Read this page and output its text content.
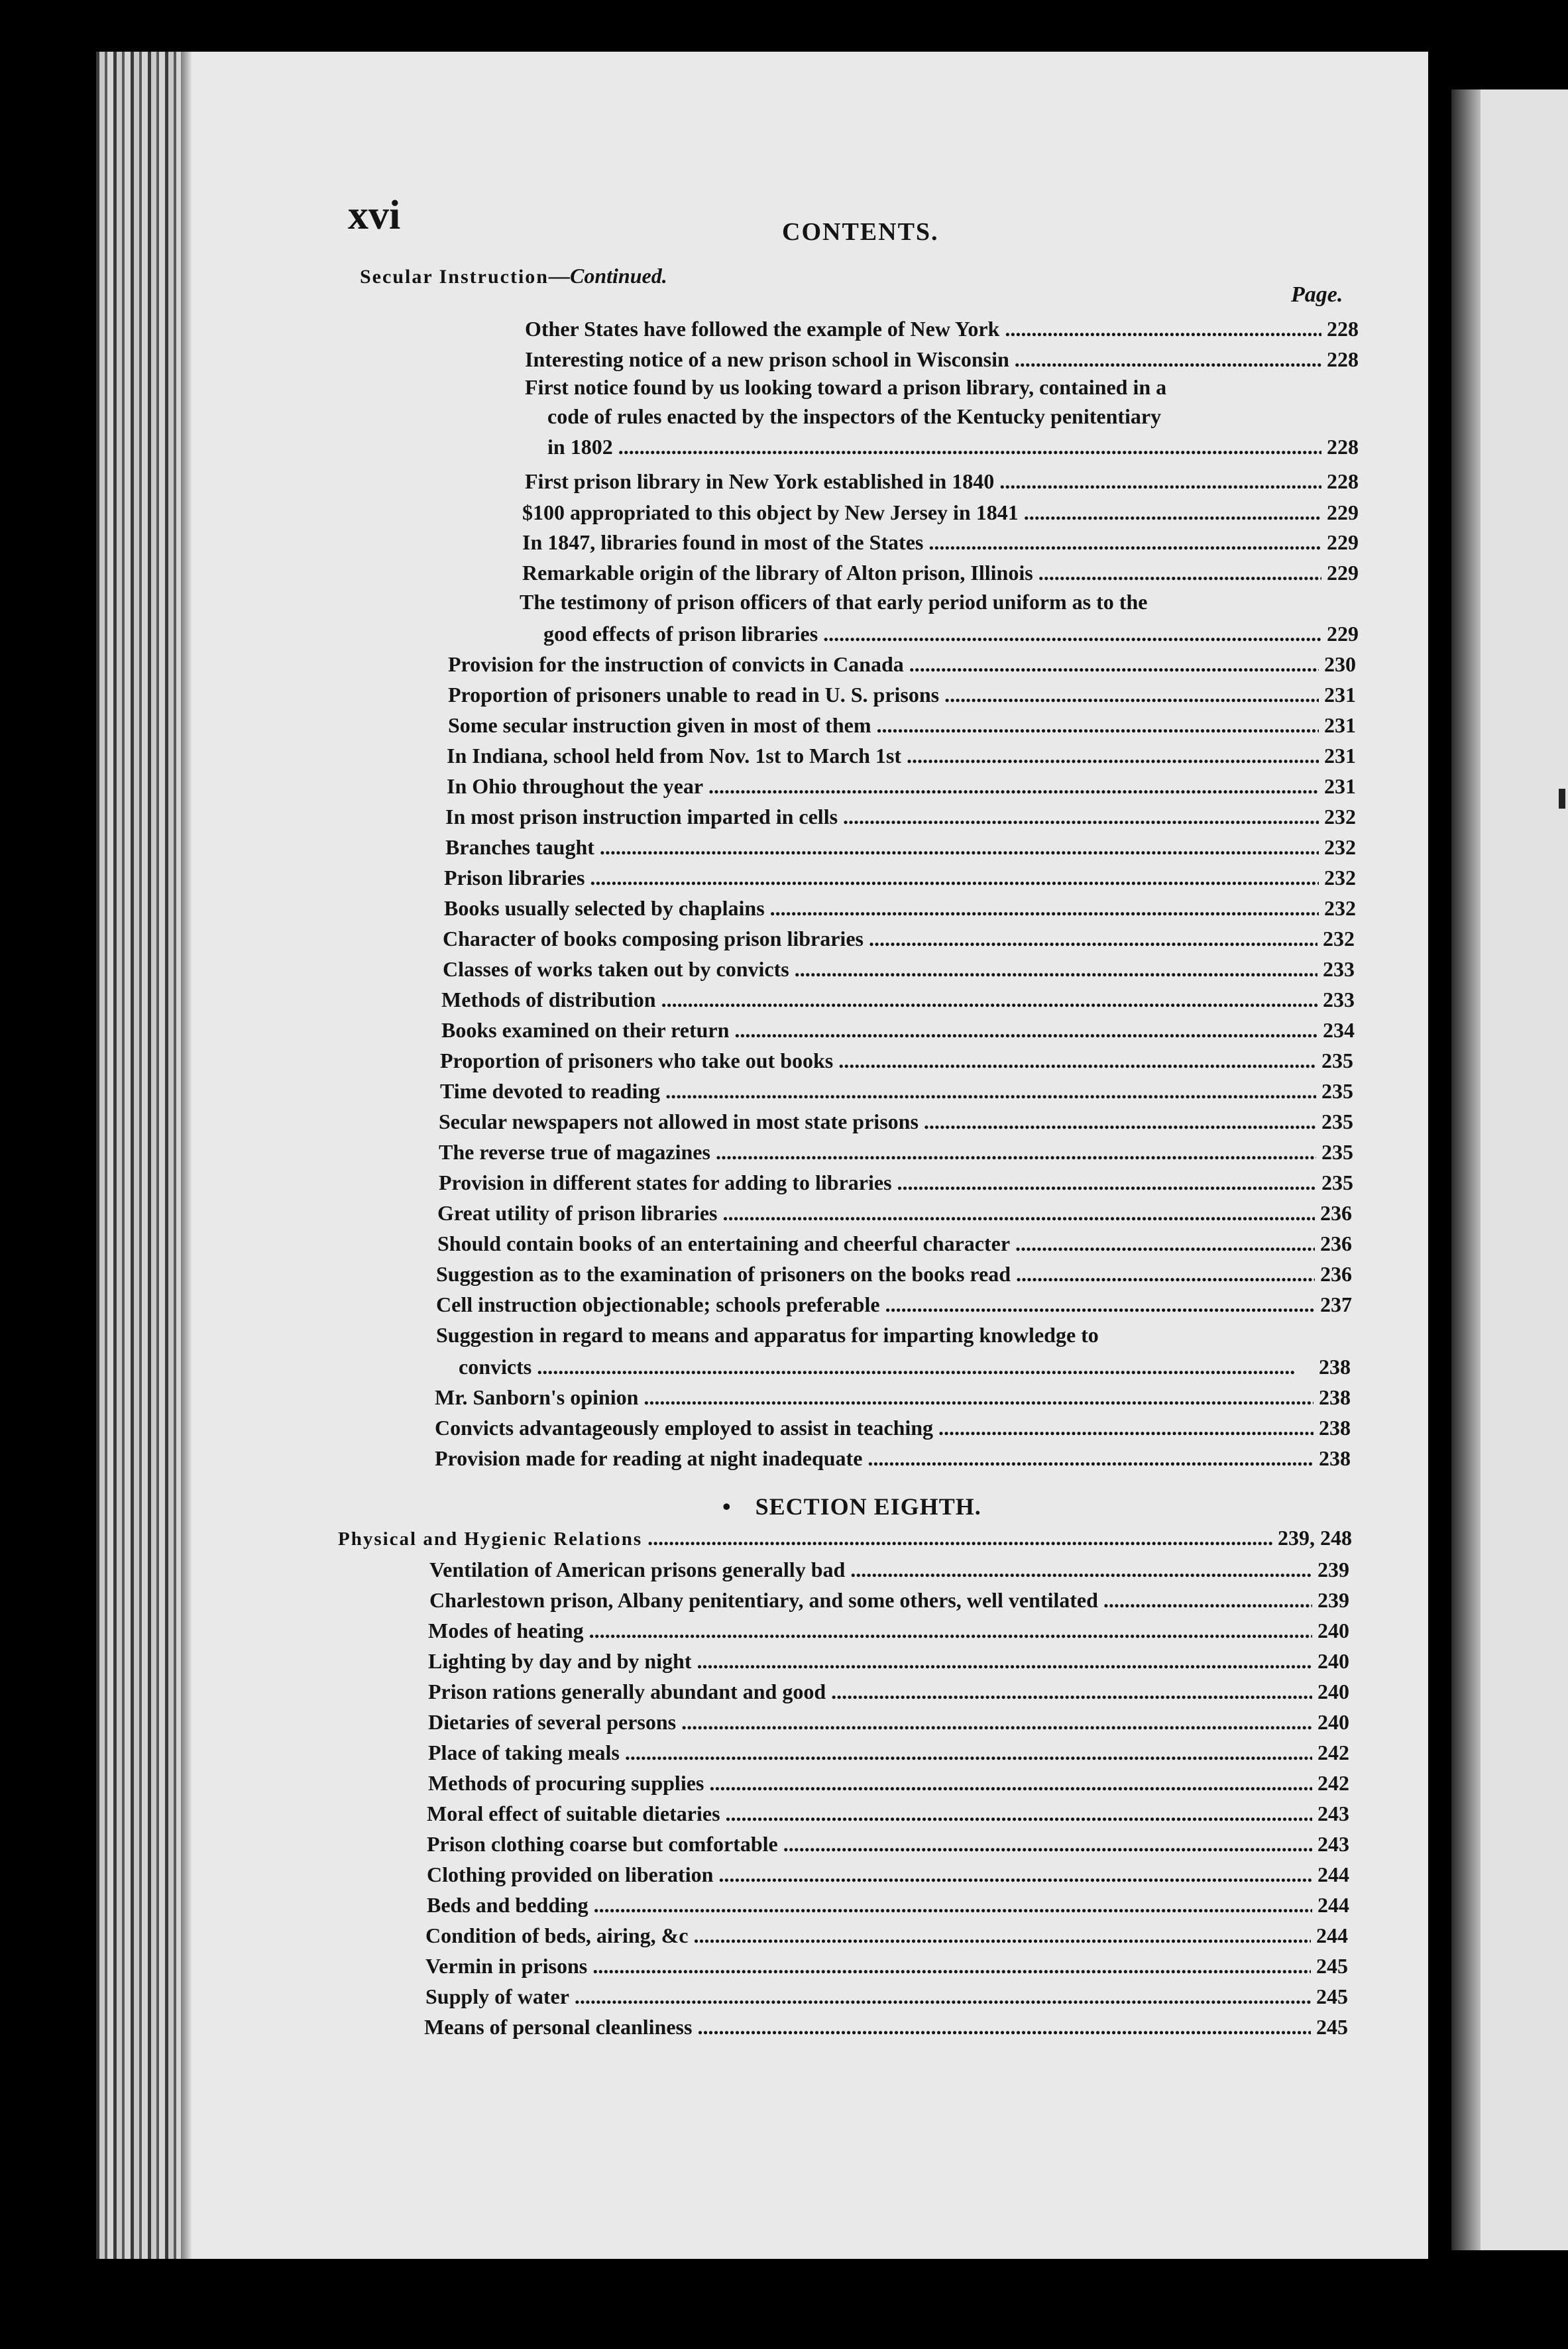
xvi	CONTENTS.
Secular Instruction—Continued.
Page.
Other States have followed the example of New York . . .	228
Interesting notice of a new prison school in Wisconsin . . .	228
First notice found by us looking toward a prison library, contained in a
code of rules enacted by the inspectors of the Kentucky penitentiary
in 1802 . . .	228
First prison library in New York established in 1840 . . .	228
$100 appropriated to this object by New Jersey in 1841 . . .	229
In 1847, libraries found in most of the States . . .	229
Remarkable origin of the library of Alton prison, Illinois . . .	229
The testimony of prison officers of that early period uniform as to the
good effects of prison libraries . . .	229
Provision for the instruction of convicts in Canada . . .	230
Proportion of prisoners unable to read in U. S. prisons . . .	231
Some secular instruction given in most of them . . .	231
In Indiana, school held from Nov. 1st to March 1st . . .	231
In Ohio throughout the year . . .	231
In most prison instruction imparted in cells . . .	232
Branches taught . . .	232
Prison libraries . . .	232
Books usually selected by chaplains . . .	232
Character of books composing prison libraries . . .	232
Classes of works taken out by convicts . . .	233
Methods of distribution . . .	233
Books examined on their return . . .	234
Proportion of prisoners who take out books . . .	235
Time devoted to reading . . .	235
Secular newspapers not allowed in most state prisons . . .	235
The reverse true of magazines . . .	235
Provision in different states for adding to libraries . . .	235
Great utility of prison libraries . . .	236
Should contain books of an entertaining and cheerful character . . .	236
Suggestion as to the examination of prisoners on the books read . . .	236
Cell instruction objectionable; schools preferable . . .	237
Suggestion in regard to means and apparatus for imparting knowledge to
convicts . . .	238
Mr. Sanborn's opinion . . .	238
Convicts advantageously employed to assist in teaching . . .	238
Provision made for reading at night inadequate . . .	238
• SECTION EIGHTH.
Physical and Hygienic Relations . . .	239, 248
Ventilation of American prisons generally bad . . .	239
Charlestown prison, Albany penitentiary, and some others, well ventilated . . .	239
Modes of heating . . .	240
Lighting by day and by night . . .	240
Prison rations generally abundant and good . . .	240
Dietaries of several persons . . .	240
Place of taking meals . . .	242
Methods of procuring supplies . . .	242
Moral effect of suitable dietaries . . .	243
Prison clothing coarse but comfortable . . .	243
Clothing provided on liberation . . .	244
Beds and bedding . . .	244
Condition of beds, airing, &c . . .	244
Vermin in prisons . . .	245
Supply of water . . .	245
Means of personal cleanliness . . .	245
